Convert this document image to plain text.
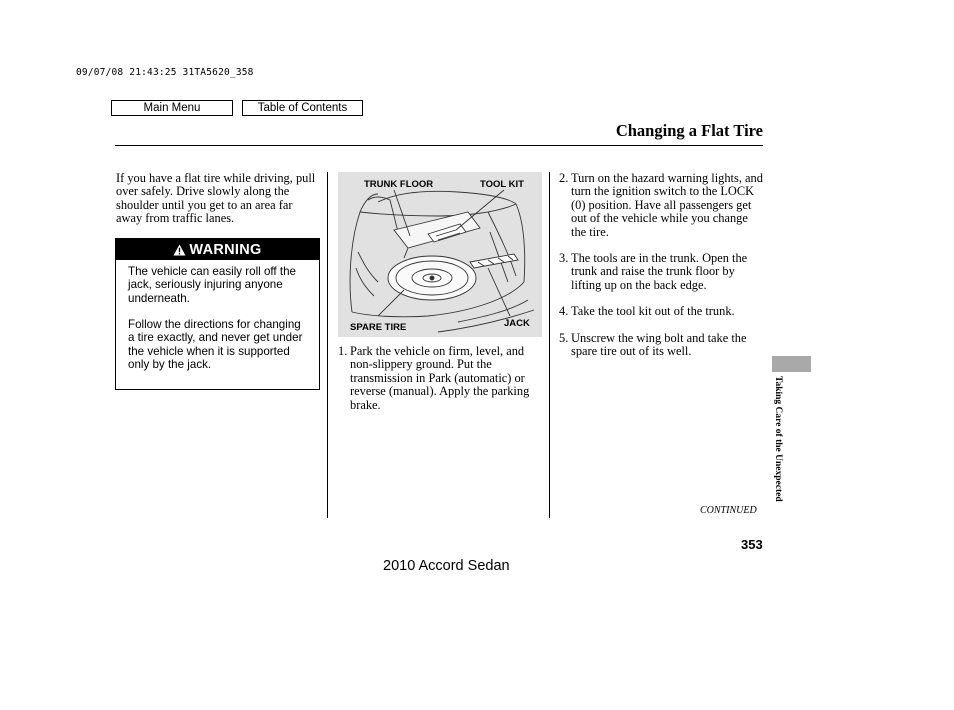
09/07/08 21:43:25 31TA5620_358
Main Menu	Table of Contents
Changing a Flat Tire
If you have a flat tire while driving, pull over safely. Drive slowly along the shoulder until you get to an area far away from traffic lanes.
WARNING
The vehicle can easily roll off the jack, seriously injuring anyone underneath.
Follow the directions for changing a tire exactly, and never get under the vehicle when it is supported only by the jack.
TRUNK FLOOR	TOOL KIT
SPARE TIRE	JACK
1. Park the vehicle on firm, level, and non-slippery ground. Put the transmission in Park (automatic) or reverse (manual). Apply the parking brake.
2. Turn on the hazard warning lights, and turn the ignition switch to the LOCK (0) position. Have all passengers get out of the vehicle while you change the tire.
3. The tools are in the trunk. Open the trunk and raise the trunk floor by lifting up on the back edge.
4. Take the tool kit out of the trunk.
5. Unscrew the wing bolt and take the spare tire out of its well.
CONTINUED
Taking Care of the Unexpected
353
2010 Accord Sedan
